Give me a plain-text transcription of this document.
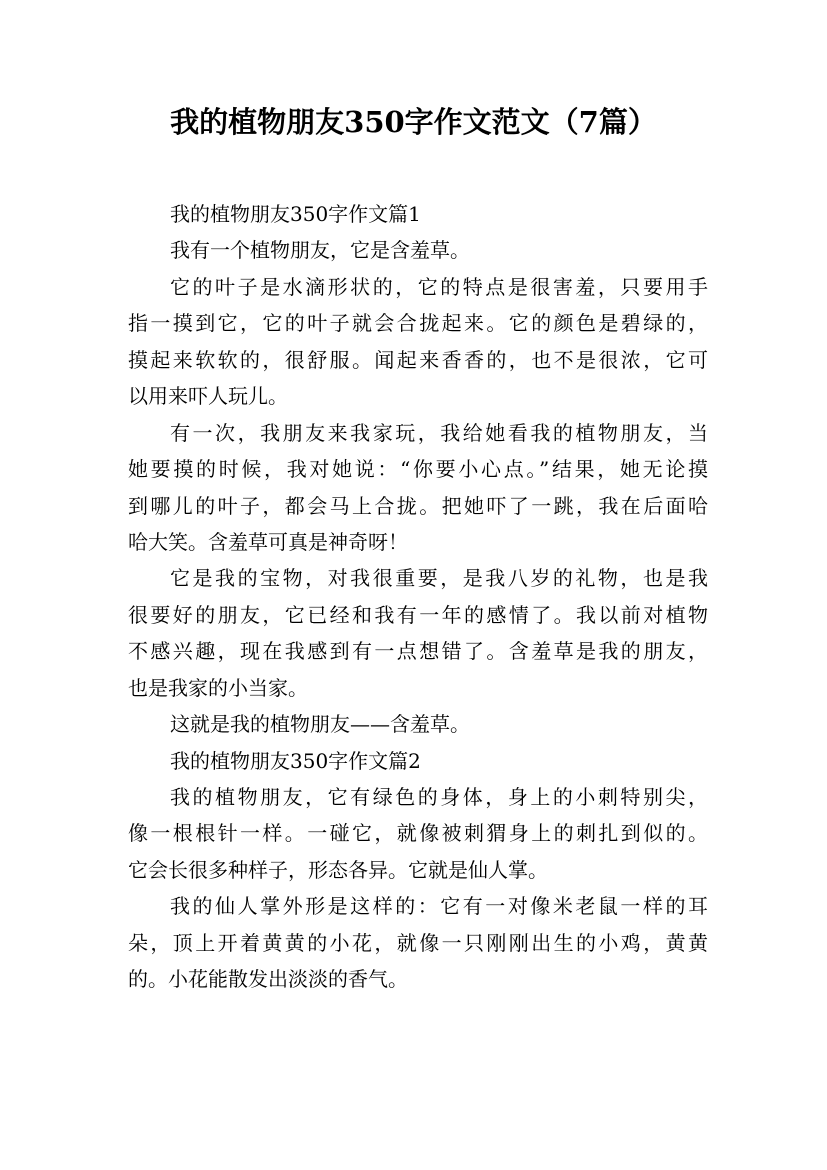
我的植物朋友350字作文范文（7篇）
我的植物朋友350字作文篇1
我有一个植物朋友，它是含羞草。
它的叶子是水滴形状的，它的特点是很害羞，只要用手
指一摸到它，它的叶子就会合拢起来。它的颜色是碧绿的，
摸起来软软的，很舒服。闻起来香香的，也不是很浓，它可
以用来吓人玩儿。
有一次，我朋友来我家玩，我给她看我的植物朋友，当
她要摸的时候，我对她说：“你要小心点。”结果，她无论摸
到哪儿的叶子，都会马上合拢。把她吓了一跳，我在后面哈
哈大笑。含羞草可真是神奇呀！
它是我的宝物，对我很重要，是我八岁的礼物，也是我
很要好的朋友，它已经和我有一年的感情了。我以前对植物
不感兴趣，现在我感到有一点想错了。含羞草是我的朋友，
也是我家的小当家。
这就是我的植物朋友——含羞草。
我的植物朋友350字作文篇2
我的植物朋友，它有绿色的身体，身上的小刺特别尖，
像一根根针一样。一碰它，就像被刺猬身上的刺扎到似的。
它会长很多种样子，形态各异。它就是仙人掌。
我的仙人掌外形是这样的：它有一对像米老鼠一样的耳
朵，顶上开着黄黄的小花，就像一只刚刚出生的小鸡，黄黄
的。小花能散发出淡淡的香气。
